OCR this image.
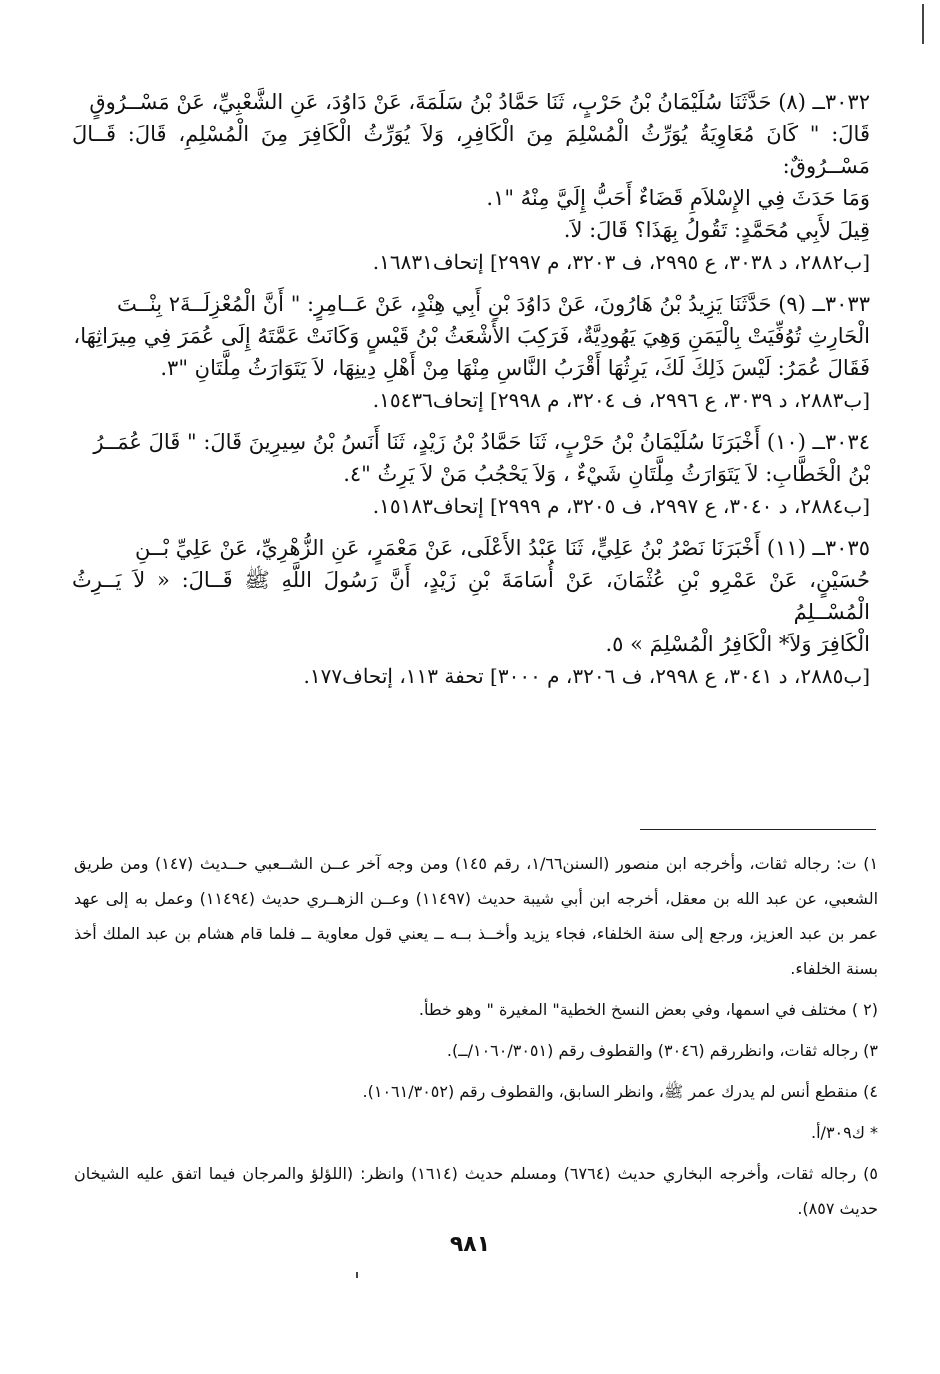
٣٠٣٢ــ (٨) حَدَّثَنَا سُلَيْمَانُ بْنُ حَرْبٍ، ثَنَا حَمَّادُ بْنُ سَلَمَةَ، عَنْ دَاوُدَ، عَنِ الشَّعْبِيِّ، عَنْ مَسْــرُوقٍ

قَالَ: " كَانَ مُعَاوِيَةُ يُوَرِّثُ الْمُسْلِمَ مِنَ الْكَافِرِ، وَلاَ يُوَرِّثُ الْكَافِرَ مِنَ الْمُسْلِمِ، قَالَ: قَــالَ مَسْــرُوقٌ:

وَمَا حَدَثَ فِي الإِسْلاَمِ قَضَاءٌ أَحَبُّ إِلَيَّ مِنْهُ "١.

قِيلَ لأَبِي مُحَمَّدٍ: تَقُولُ بِهَذَا؟ قَالَ: لاَ.

[ب٢٨٨٢، د ٣٠٣٨، ع ٢٩٩٥، ف ٣٢٠٣، م ٢٩٩٧] إتحاف١٦٨٣١.

٣٠٣٣ــ (٩) حَدَّثَنَا يَزِيدُ بْنُ هَارُونَ، عَنْ دَاوُدَ بْنِ أَبِي هِنْدٍ، عَنْ عَــامِرٍ: " أَنَّ الْمُعْزِلَــةَ٢ بِنْــتَ

الْحَارِثِ تُوُفِّيَتْ بِالْيَمَنِ وَهِيَ يَهُودِيَّةٌ، فَرَكِبَ الأَشْعَثُ بْنُ قَيْسٍ وَكَانَتْ عَمَّتَهُ إِلَى عُمَرَ فِي مِيرَاثِهَا،

فَقَالَ عُمَرُ: لَيْسَ ذَلِكَ لَكَ، يَرِثُهَا أَقْرَبُ النَّاسِ مِنْهَا مِنْ أَهْلِ دِينِهَا، لاَ يَتَوَارَثُ مِلَّتَانِ "٣.

[ب٢٨٨٣، د ٣٠٣٩، ع ٢٩٩٦، ف ٣٢٠٤، م ٢٩٩٨] إتحاف١٥٤٣٦.

٣٠٣٤ــ (١٠) أَخْبَرَنَا سُلَيْمَانُ بْنُ حَرْبٍ، ثَنَا حَمَّادُ بْنُ زَيْدٍ، ثَنَا أَنَسُ بْنُ سِيرِينَ قَالَ: " قَالَ عُمَــرُ

بْنُ الْخَطَّابِ: لاَ يَتَوَارَثُ مِلَّتَانِ شَيْءٌ ، وَلاَ يَحْجُبُ مَنْ لاَ يَرِثُ "٤.

[ب٢٨٨٤، د ٣٠٤٠، ع ٢٩٩٧، ف ٣٢٠٥، م ٢٩٩٩] إتحاف١٥١٨٣.

٣٠٣٥ــ (١١) أَخْبَرَنَا نَصْرُ بْنُ عَلِيٍّ، ثَنَا عَبْدُ الأَعْلَى، عَنْ مَعْمَرٍ، عَنِ الزُّهْرِيِّ، عَنْ عَلِيِّ بْــنِ

حُسَيْنٍ، عَنْ عَمْرِو بْنِ عُثْمَانَ، عَنْ أُسَامَةَ بْنِ زَيْدٍ، أَنَّ رَسُولَ اللَّهِ ﷺ قَــالَ: « لاَ يَــرِثُ الْمُسْــلِمُ

الْكَافِرَ وَلاَ* الْكَافِرُ الْمُسْلِمَ » ٥.

[ب٢٨٨٥، د ٣٠٤١، ع ٢٩٩٨، ف ٣٢٠٦، م ٣٠٠٠] تحفة ١١٣، إتحاف١٧٧.

١) ت: رجاله ثقات، وأخرجه ابن منصور (السنن١/٦٦، رقم ١٤٥) ومن وجه آخر عــن الشــعبي حــديث (١٤٧) ومن طريق الشعبي، عن عبد الله بن معقل، أخرجه ابن أبي شيبة حديث (١١٤٩٧) وعــن الزهــري حديث (١١٤٩٤) وعمل به إلى عهد عمر بن عبد العزيز، ورجع إلى سنة الخلفاء، فجاء يزيد وأخــذ بــه ــ يعني قول معاوية ــ فلما قام هشام بن عبد الملك أخذ بسنة الخلفاء.

(٢ ) مختلف في اسمها، وفي بعض النسخ الخطية" المغيرة " وهو خطأ.

٣) رجاله ثقات، وانظررقم (٣٠٤٦) والقطوف رقم (١٠٦٠/٣٠٥١/ــ).

٤) منقطع أنس لم يدرك عمر ﷺ، وانظر السابق، والقطوف رقم (١٠٦١/٣٠٥٢).

* ك٣٠٩/أ.

٥) رجاله ثقات، وأخرجه البخاري حديث (٦٧٦٤) ومسلم حديث (١٦١٤) وانظر: (اللؤلؤ والمرجان فيما اتفق عليه الشيخان حديث ٨٥٧).

٩٨١
